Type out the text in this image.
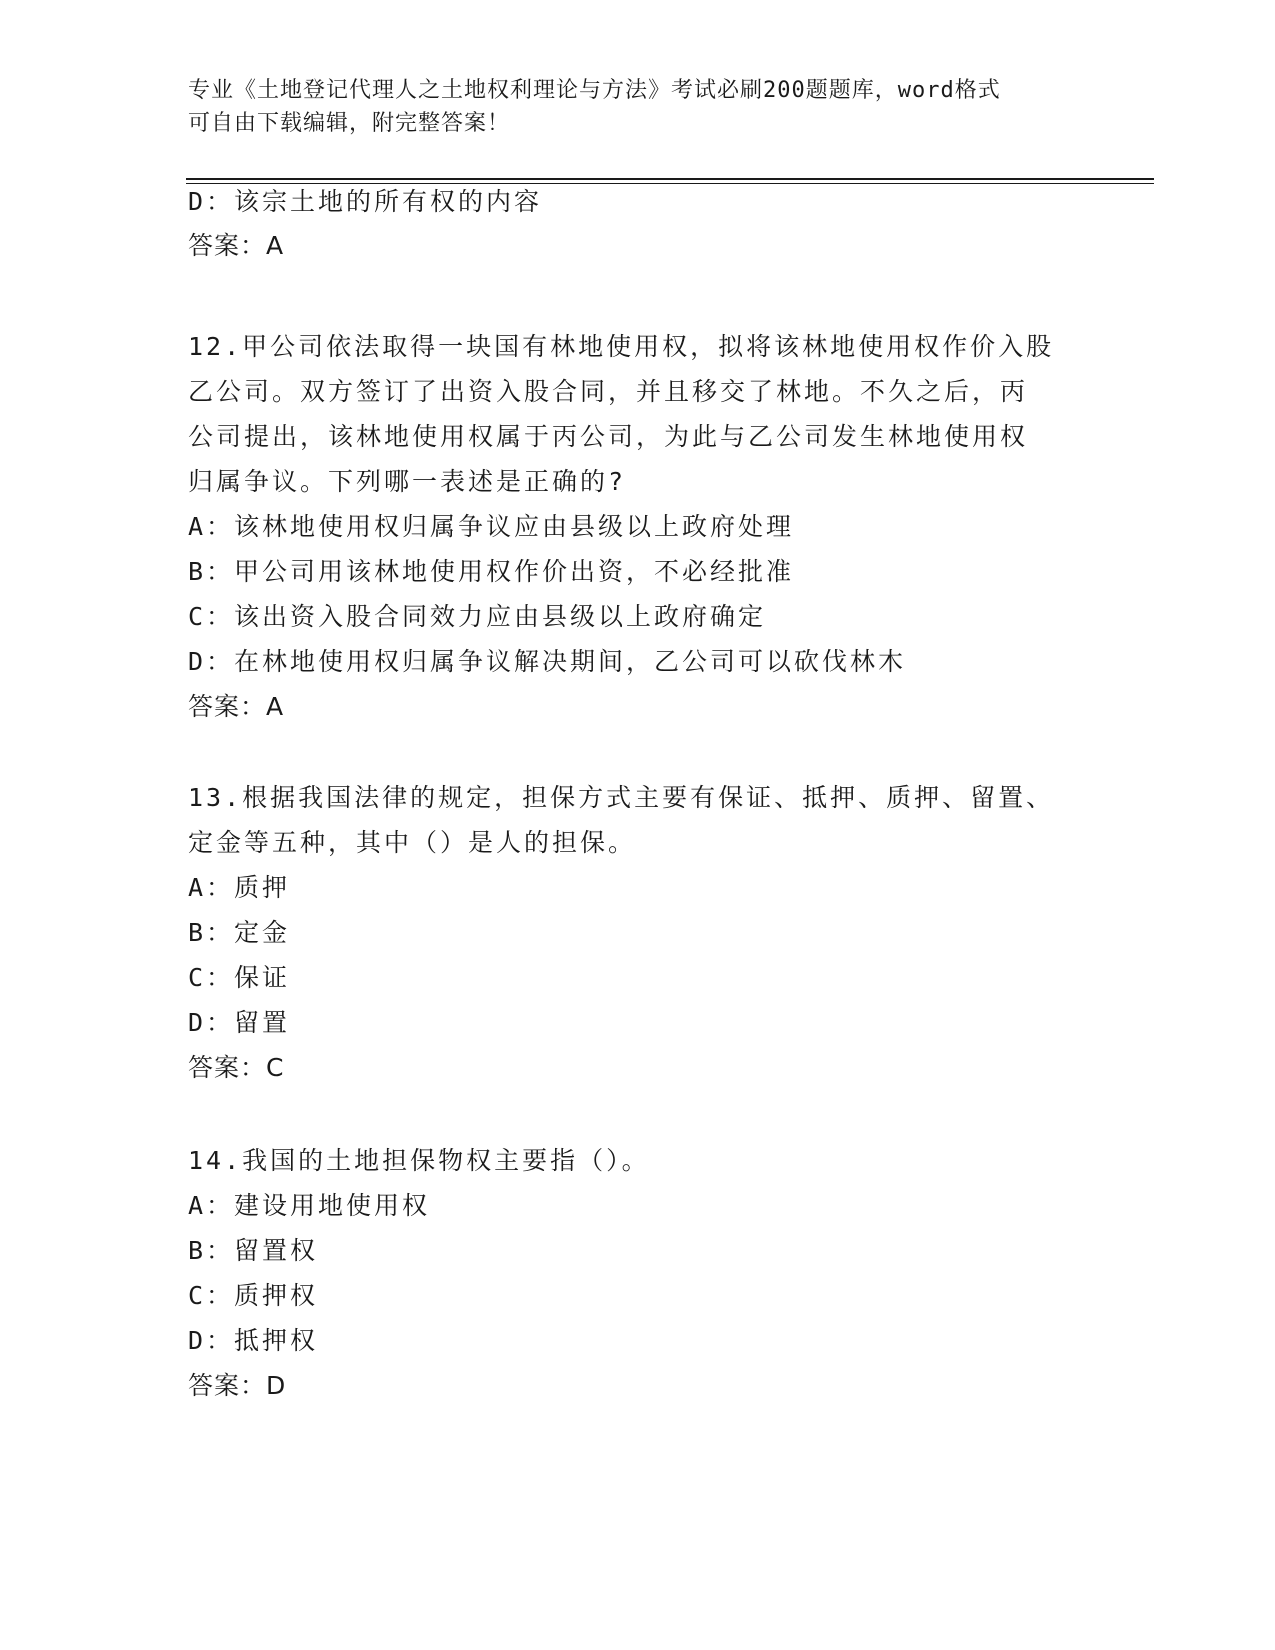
专业《土地登记代理人之土地权利理论与方法》考试必刷200题题库，word格式
可自由下载编辑，附完整答案！
D：该宗土地的所有权的内容
答案：A
12.甲公司依法取得一块国有林地使用权，拟将该林地使用权作价入股
乙公司。双方签订了出资入股合同，并且移交了林地。不久之后，丙
公司提出，该林地使用权属于丙公司，为此与乙公司发生林地使用权
归属争议。下列哪一表述是正确的?
A：该林地使用权归属争议应由县级以上政府处理
B：甲公司用该林地使用权作价出资，不必经批准
C：该出资入股合同效力应由县级以上政府确定
D：在林地使用权归属争议解决期间，乙公司可以砍伐林木
答案：A
13.根据我国法律的规定，担保方式主要有保证、抵押、质押、留置、
定金等五种，其中（）是人的担保。
A：质押
B：定金
C：保证
D：留置
答案：C
14.我国的土地担保物权主要指（）。
A：建设用地使用权
B：留置权
C：质押权
D：抵押权
答案：D
